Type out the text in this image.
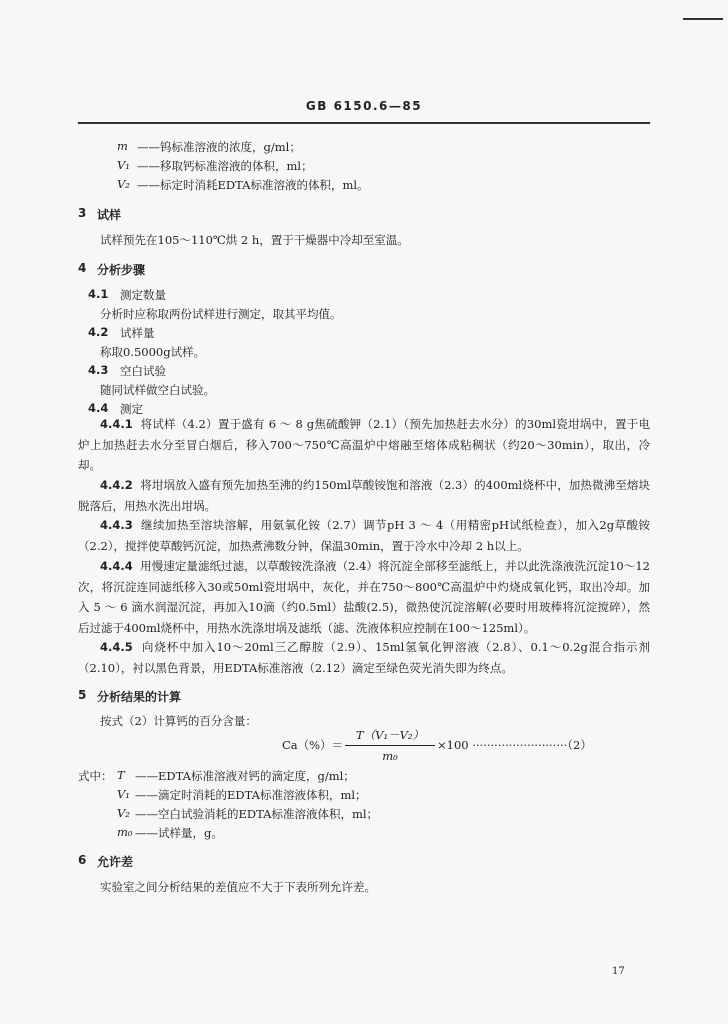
GB 6150.6—85
m ——钨标准溶液的浓度，g/ml；
V₁ ——移取钙标准溶液的体积，ml；
V₂ ——标定时消耗EDTA标准溶液的体积，ml。
3 试样
试样预先在105～110℃烘 2 h，置于干燥器中冷却至室温。
4 分析步骤
4.1 测定数量
分析时应称取两份试样进行测定，取其平均值。
4.2 试样量
称取0.5000g试样。
4.3 空白试验
随同试样做空白试验。
4.4 测定
4.4.1 将试样（4.2）置于盛有 6 ～ 8 g焦硫酸钾（2.1）（预先加热赶去水分）的30ml瓷坩埚中，置于电炉上加热赶去水分至冒白烟后，移入700～750℃高温炉中熔融至熔体成粘稠状（约20～30min），取出，冷却。
4.4.2 将坩埚放入盛有预先加热至沸的约150ml草酸铵饱和溶液（2.3）的400ml烧杯中，加热微沸至熔块脱落后，用热水洗出坩埚。
4.4.3 继续加热至溶块溶解，用氨氧化铵（2.7）调节pH 3 ～ 4（用精密pH试纸检查），加入2g草酸铵（2.2），搅拌使草酸钙沉淀，加热煮沸数分钟，保温30min，置于冷水中冷却 2 h以上。
4.4.4 用慢速定量滤纸过滤，以草酸铵洗涤液（2.4）将沉淀全部移至滤纸上，并以此洗涤液洗沉淀10～12次，将沉淀连同滤纸移入30或50ml瓷坩埚中，灰化，并在750～800℃高温炉中灼烧成氧化钙，取出冷却。加入 5 ～ 6 滴水润湿沉淀，再加入10滴（约0.5ml）盐酸(2.5)，微热使沉淀溶解(必要时用玻棒将沉淀搅碎），然后过滤于400ml烧杯中，用热水洗涤坩埚及滤纸（滤、洗液体积应控制在100～125ml）。
4.4.5 向烧杯中加入10～20ml三乙醇胺（2.9）、15ml氢氧化钾溶液（2.8）、0.1～0.2g混合指示剂（2.10），衬以黑色背景，用EDTA标准溶液（2.12）滴定至绿色荧光消失即为终点。
5 分析结果的计算
按式（2）计算钙的百分含量：
Ca（%）＝
T（V₁－V₂）
m₀
×100 ··························（2）
式中： T ——EDTA标准溶液对钙的滴定度，g/ml；
V₁ ——滴定时消耗的EDTA标准溶液体积，ml；
V₂ ——空白试验消耗的EDTA标准溶液体积，ml；
m₀ ——试样量，g。
6 允许差
实验室之间分析结果的差值应不大于下表所列允许差。
17
